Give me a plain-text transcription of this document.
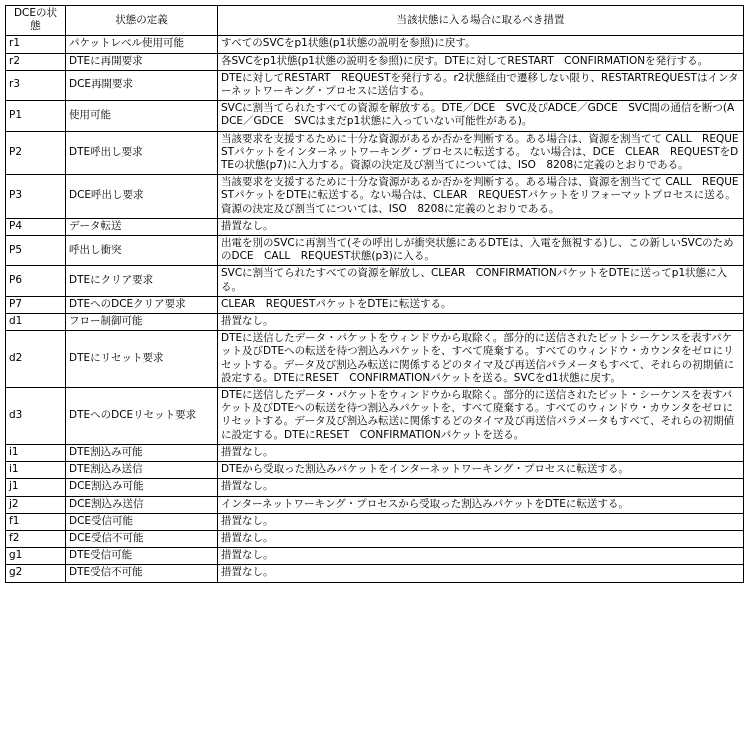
DCEの状態	状態の定義	当該状態に入る場合に取るべき措置
r1	パケットレベル使用可能	すべてのSVCをp1状態(p1状態の説明を参照)に戻す。
r2	DTEに再開要求	各SVCをp1状態(p1状態の説明を参照)に戻す。DTEに対してRESTART　CONFIRMATIONを発行する。
r3	DCE再開要求	DTEに対してRESTART　REQUESTを発行する。r2状態経由で遷移しない限り、RESTARTREQUESTはインターネットワーキング・プロセスに送信する。
P1	使用可能	SVCに割当てられたすべての資源を解放する。DTE／DCE　SVC及びADCE／GDCE　SVC間の通信を断つ(ADCE／GDCE　SVCはまだp1状態に入っていない可能性がある)。
P2	DTE呼出し要求	当該要求を支援するために十分な資源があるか否かを判断する。ある場合は、資源を割当てて CALL　REQUESTパケットをインターネットワーキング・プロセスに転送する。 ない場合は、DCE　CLEAR　REQUESTをDTEの状態(p7)に入力する。資源の決定及び割当てについては、ISO　8208に定義のとおりである。
P3	DCE呼出し要求	当該要求を支援するために十分な資源があるか否かを判断する。ある場合は、資源を割当てて CALL　REQUESTパケットをDTEに転送する。ない場合は、CLEAR　REQUESTパケットをリフォーマットプロセスに送る。資源の決定及び割当てについては、ISO　8208に定義のとおりである。
P4	データ転送	措置なし。
P5	呼出し衝突	出電を別のSVCに再割当て(その呼出しが衝突状態にあるDTEは、入電を無視する)し、この新しいSVCのためのDCE　CALL　REQUEST状態(p3)に入る。
P6	DTEにクリア要求	SVCに割当てられたすべての資源を解放し、CLEAR　CONFIRMATIONパケットをDTEに送ってp1状態に入る。
P7	DTEへのDCEクリア要求	CLEAR　REQUESTパケットをDTEに転送する。
d1	フロー制御可能	措置なし。
d2	DTEにリセット要求	DTEに送信したデータ・パケットをウィンドウから取除く。部分的に送信されたビットシーケンスを表すパケット及びDTEへの転送を待つ割込みパケットを、すべて廃棄する。すべてのウィンドウ・カウンタをゼロにリセットする。データ及び割込み転送に関係するどのタイマ及び再送信パラメータもすべて、それらの初期値に設定する。DTEにRESET　CONFIRMATIONパケットを送る。SVCをd1状態に戻す。
d3	DTEへのDCEリセット要求	DTEに送信したデータ・パケットをウィンドウから取除く。部分的に送信されたビット・シーケンスを表すパケット及びDTEへの転送を待つ割込みパケットを、すべて廃棄する。すべてのウィンドウ・カウンタをゼロにリセットする。データ及び割込み転送に関係するどのタイマ及び再送信パラメータもすべて、それらの初期値に設定する。DTEにRESET　CONFIRMATIONパケットを送る。
i1	DTE割込み可能	措置なし。
i1	DTE割込み送信	DTEから受取った割込みパケットをインターネットワーキング・プロセスに転送する。
j1	DCE割込み可能	措置なし。
j2	DCE割込み送信	インターネットワーキング・プロセスから受取った割込みパケットをDTEに転送する。
f1	DCE受信可能	措置なし。
f2	DCE受信不可能	措置なし。
g1	DTE受信可能	措置なし。
g2	DTE受信不可能	措置なし。
